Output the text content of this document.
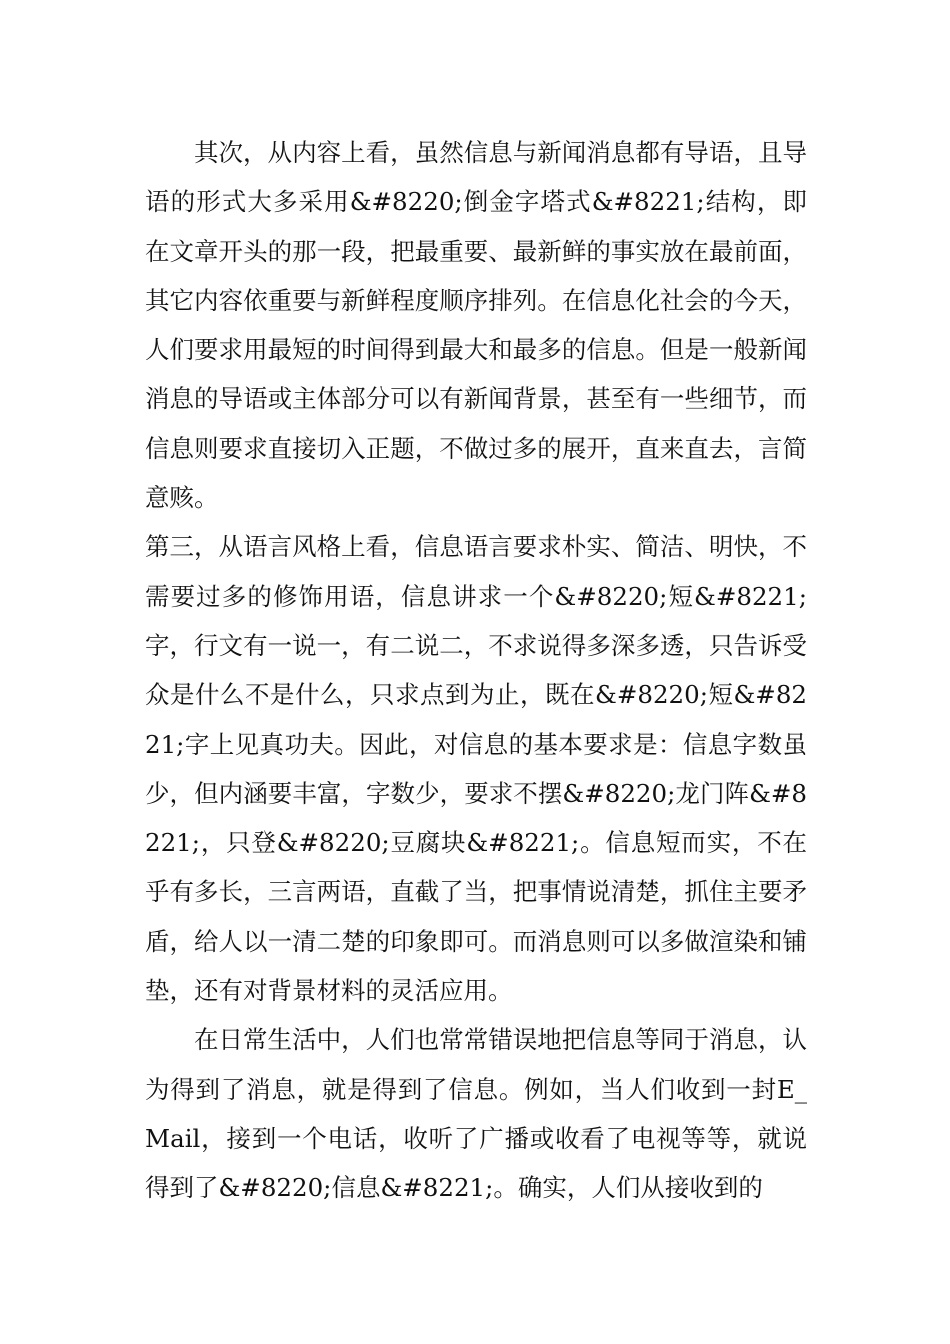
其次，从内容上看，虽然信息与新闻消息都有导语，且导语的形式大多采用&#8220;倒金字塔式&#8221;结构，即在文章开头的那一段，把最重要、最新鲜的事实放在最前面，其它内容依重要与新鲜程度顺序排列。在信息化社会的今天，人们要求用最短的时间得到最大和最多的信息。但是一般新闻消息的导语或主体部分可以有新闻背景，甚至有一些细节，而信息则要求直接切入正题，不做过多的展开，直来直去，言简意赅。

第三，从语言风格上看，信息语言要求朴实、简洁、明快，不需要过多的修饰用语，信息讲求一个&#8220;短&#8221;字，行文有一说一，有二说二，不求说得多深多透，只告诉受众是什么不是什么，只求点到为止，既在&#8220;短&#8221;字上见真功夫。因此，对信息的基本要求是：信息字数虽少，但内涵要丰富，字数少，要求不摆&#8220;龙门阵&#8221;，只登&#8220;豆腐块&#8221;。信息短而实，不在乎有多长，三言两语，直截了当，把事情说清楚，抓住主要矛盾，给人以一清二楚的印象即可。而消息则可以多做渲染和铺垫，还有对背景材料的灵活应用。

在日常生活中，人们也常常错误地把信息等同于消息，认为得到了消息，就是得到了信息。例如，当人们收到一封E_Mail，接到一个电话，收听了广播或收看了电视等等，就说得到了&#8220;信息&#8221;。确实，人们从接收到的
